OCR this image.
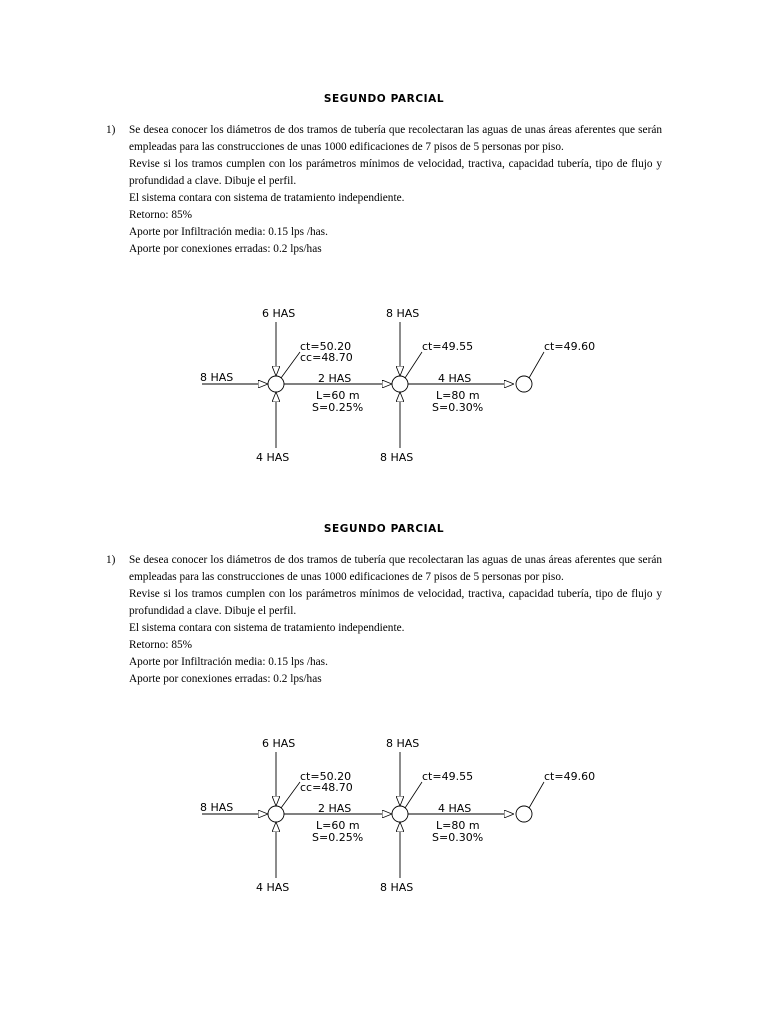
SEGUNDO PARCIAL
1) Se desea conocer los diámetros de dos tramos de tubería que recolectaran las aguas de unas áreas aferentes que serán empleadas para las construcciones de unas 1000 edificaciones de 7 pisos de 5 personas por piso.
Revise si los tramos cumplen con los parámetros mínimos de velocidad, tractiva, capacidad tubería, tipo de flujo y profundidad a clave. Dibuje el perfil.
El sistema contara con sistema de tratamiento independiente.
Retorno: 85%
Aporte por Infiltración media: 0.15 lps /has.
Aporte por conexiones erradas: 0.2 lps/has
6 HAS
8 HAS
4 HAS
ct=50.20
cc=48.70
2 HAS
L=60 m
S=0.25%
8 HAS
8 HAS
ct=49.55
4 HAS
L=80 m
S=0.30%
ct=49.60
SEGUNDO PARCIAL
1) Se desea conocer los diámetros de dos tramos de tubería que recolectaran las aguas de unas áreas aferentes que serán empleadas para las construcciones de unas 1000 edificaciones de 7 pisos de 5 personas por piso.
Revise si los tramos cumplen con los parámetros mínimos de velocidad, tractiva, capacidad tubería, tipo de flujo y profundidad a clave. Dibuje el perfil.
El sistema contara con sistema de tratamiento independiente.
Retorno: 85%
Aporte por Infiltración media: 0.15 lps /has.
Aporte por conexiones erradas: 0.2 lps/has
6 HAS
8 HAS
4 HAS
ct=50.20
cc=48.70
2 HAS
L=60 m
S=0.25%
8 HAS
8 HAS
ct=49.55
4 HAS
L=80 m
S=0.30%
ct=49.60
